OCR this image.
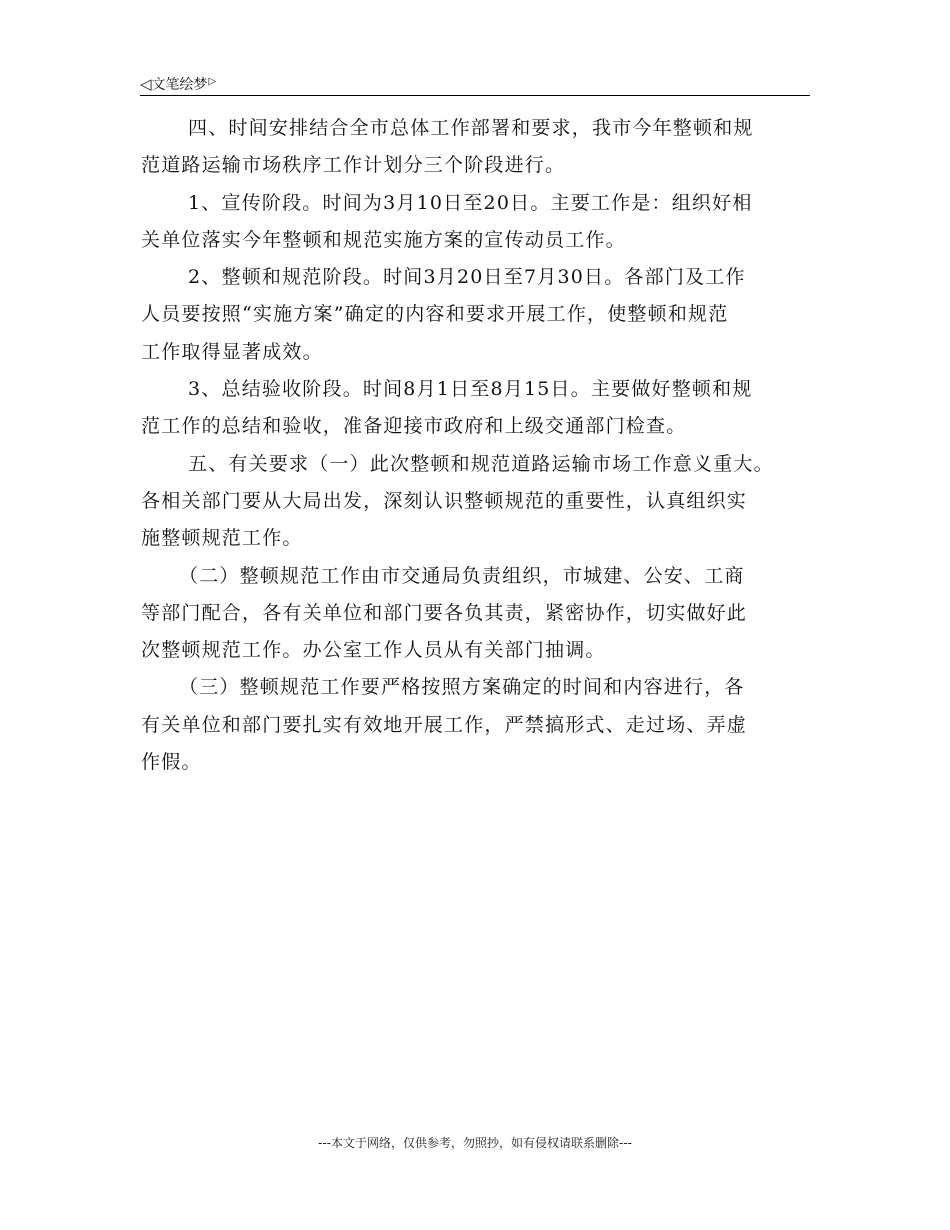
◁文笔绘梦▷
四、时间安排结合全市总体工作部署和要求，我市今年整顿和规
范道路运输市场秩序工作计划分三个阶段进行。
1、宣传阶段。时间为3月10日至20日。主要工作是：组织好相
关单位落实今年整顿和规范实施方案的宣传动员工作。
2、整顿和规范阶段。时间3月20日至7月30日。各部门及工作
人员要按照“实施方案”确定的内容和要求开展工作，使整顿和规范
工作取得显著成效。
3、总结验收阶段。时间8月1日至8月15日。主要做好整顿和规
范工作的总结和验收，准备迎接市政府和上级交通部门检查。
五、有关要求（一）此次整顿和规范道路运输市场工作意义重大。
各相关部门要从大局出发，深刻认识整顿规范的重要性，认真组织实
施整顿规范工作。
（二）整顿规范工作由市交通局负责组织，市城建、公安、工商
等部门配合，各有关单位和部门要各负其责，紧密协作，切实做好此
次整顿规范工作。办公室工作人员从有关部门抽调。
（三）整顿规范工作要严格按照方案确定的时间和内容进行，各
有关单位和部门要扎实有效地开展工作，严禁搞形式、走过场、弄虚
作假。
---本文于网络，仅供参考，勿照抄，如有侵权请联系删除---
